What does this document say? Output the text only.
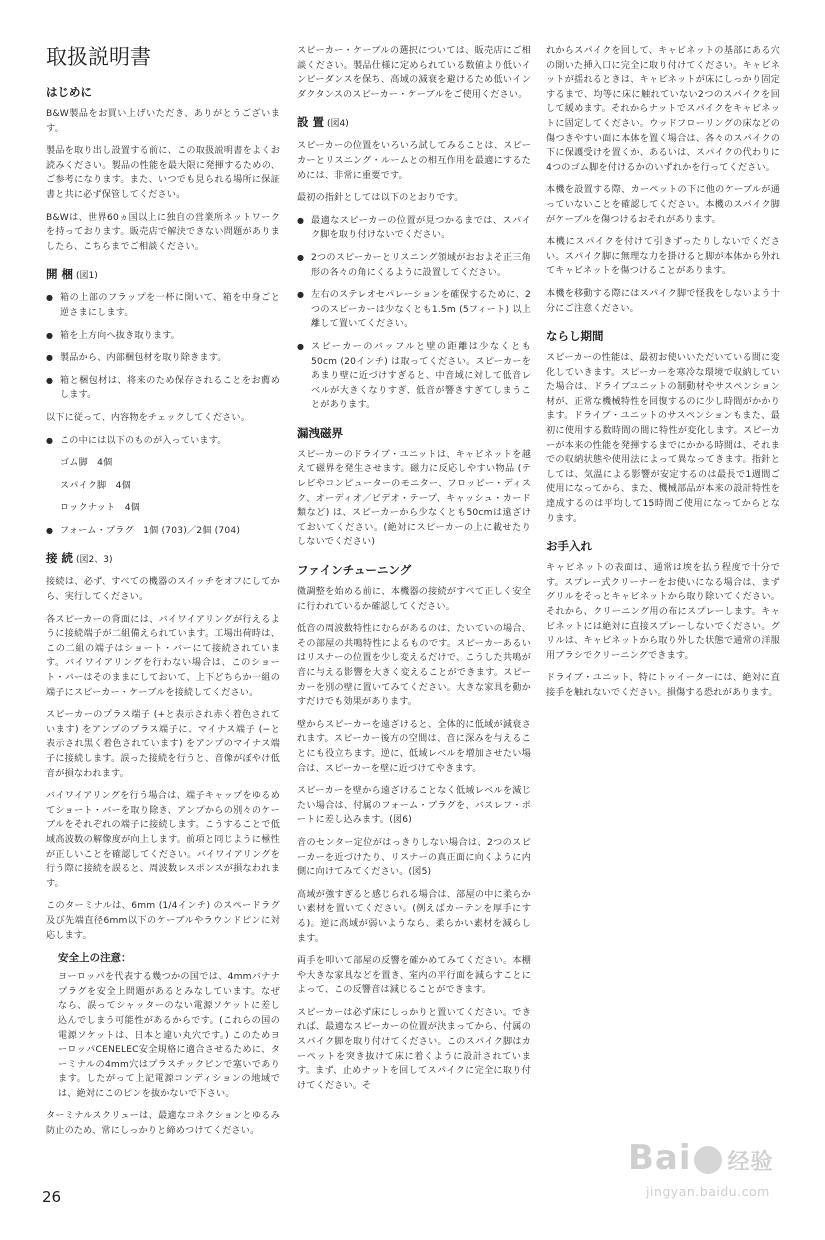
取扱説明書
はじめに

B&W製品をお買い上げいただき、ありがとうございます。

製品を取り出し設置する前に、この取扱説明書をよくお読みください。製品の性能を最大限に発揮するための、ご参考になります。また、いつでも見られる場所に保証書と共に必ず保管してください。

B&Wは、世界60ヵ国以上に独自の営業所ネットワークを持っております。販売店で解決できない問題がありましたら、こちらまでご相談ください。

開 梱 (図1)
● 箱の上部のフラップを一杯に開いて、箱を中身ごと逆さまにします。
● 箱を上方向へ抜き取ります。
● 製品から、内部梱包材を取り除きます。
● 箱と梱包材は、将来のため保存されることをお薦めします。

以下に従って、内容物をチェックしてください。

● この中には以下のものが入っています。
ゴム脚　4個
スパイク脚　4個
ロックナット　4個
● フォーム・プラグ　1個 (703)／2個 (704)
接 続 (図2、3)

接続は、必ず、すべての機器のスイッチをオフにしてから、実行してください。

各スピーカーの背面には、バイワイアリングが行えるように接続端子が二組備えられています。工場出荷時は、この二組の端子はショート・バーにて接続されています。バイワイアリングを行わない場合は、このショート・バーはそのままにしておいて、上下どちらか一組の端子にスピーカー・ケーブルを接続してください。

スピーカーのプラス端子 (+と表示され赤く着色されています) をアンプのプラス端子に、マイナス端子 (−と表示され黒く着色されています) をアンプのマイナス端子に接続します。誤った接続を行うと、音像がぼやけ低音が損なわれます。

バイワイアリングを行う場合は、端子キャップをゆるめてショート・バーを取り除き、アンプからの別々のケーブルをそれぞれの端子に接続します。こうすることで低域高波数の解像度が向上します。前項と同じように極性が正しいことを確認してください。バイワイアリングを行う際に接続を誤ると、周波数レスポンスが損なわれます。

このターミナルは、6mm (1/4インチ) のスペードラグ及び先端直径6mm以下のケーブルやラウンドピンに対応します。

安全上の注意：

ヨーロッパを代表する幾つかの国では、4mmバナナプラグを安全上問題があるとみなしています。なぜなら、誤ってシャッターのない電源ソケットに差し込んでしまう可能性があるからです。(これらの国の電源ソケットは、日本と違い丸穴です。) このためヨーロッパCENELEC安全規格に適合させるために、ターミナルの4mm穴はプラスチックピンで塞いであります。したがって上記電源コンディションの地域では、絶対にこのピンを抜かないで下さい。

ターミナルスクリューは、最適なコネクションとゆるみ防止のため、常にしっかりと締めつけてください。

スピーカー・ケーブルの選択については、販売店にご相談ください。製品仕様に定められている数値より低いインピーダンスを保ち、高域の減衰を避けるため低いインダクタンスのスピーカー・ケーブルをご使用ください。

設 置 (図4)

スピーカーの位置をいろいろ試してみることは、スピーカーとリスニング・ルームとの相互作用を最適にするためには、非常に重要です。

最初の指針としては以下のとおりです。

● 最適なスピーカーの位置が見つかるまでは、スパイク脚を取り付けないでください。
● 2つのスピーカーとリスニング領域がおおよそ正三角形の各々の角にくるように設置してください。
● 左右のステレオセパレーションを確保するために、2つのスピーカーは少なくとも1.5m (5フィート) 以上離して置いてください。
● スピーカーのバッフルと壁の距離は少なくとも50cm (20インチ) は取ってください。スピーカーをあまり壁に近づけすぎると、中音域に対して低音レベルが大きくなりすぎ、低音が響きすぎてしまうことがあります。
漏洩磁界

スピーカーのドライブ・ユニットは、キャビネットを越えて磁界を発生させます。磁力に反応しやすい物品 (テレビやコンピューターのモニター、フロッピー・ディスク、オーディオ／ビデオ・テープ、キャッシュ・カード類など) は、スピーカーから少なくとも50cmは遠ざけておいてください。(絶対にスピーカーの上に載せたりしないでください)

ファインチューニング

微調整を始める前に、本機器の接続がすべて正しく安全に行われているか確認してください。

低音の周波数特性にむらがあるのは、たいていの場合、その部屋の共鳴特性によるものです。スピーカーあるいはリスナーの位置を少し変えるだけで、こうした共鳴が音に与える影響を大きく変えることができます。スピーカーを別の壁に置いてみてください。大きな家具を動かすだけでも効果があります。

壁からスピーカーを遠ざけると、全体的に低域が減衰されます。スピーカー後方の空間は、音に深みを与えることにも役立ちます。逆に、低域レベルを増加させたい場合は、スピーカーを壁に近づけてやきます。

スピーカーを壁から遠ざけることなく低域レベルを減じたい場合は、付属のフォーム・プラグを、バスレフ・ポートに差し込みます。(図6)

音のセンター定位がはっきりしない場合は、2つのスピーカーを近づけたり、リスナーの真正面に向くように内側に向けてみてください。(図5)

高域が強すぎると感じられる場合は、部屋の中に柔らかい素材を置いてください。(例えばカーテンを厚手にする)。逆に高域が弱いようなら、柔らかい素材を減らします。

両手を叩いて部屋の反響を確かめてみてください。本棚や大きな家具などを置き、室内の平行面を減らすことによって、この反響音は減じることができます。

スピーカーは必ず床にしっかりと置いてください。できれば、最適なスピーカーの位置が決まってから、付属のスパイク脚を取り付けてください。このスパイク脚はカーペットを突き抜けて床に着くように設計されています。まず、止めナットを回してスパイクに完全に取り付けてください。そ

れからスパイクを回して、キャビネットの基部にある穴の開いた挿入口に完全に取り付けてください。キャビネットが揺れるときは、キャビネットが床にしっかり固定するまで、均等に床に触れていない2つのスパイクを回して緩めます。それからナットでスパイクをキャビネットに固定してください。ウッドフローリングの床などの傷つきやすい面に本体を置く場合は、各々のスパイクの下に保護受けを置くか、あるいは、スパイクの代わりに4つのゴム脚を付けるかのいずれかを行ってください。

本機を設置する際、カーペットの下に他のケーブルが通っていないことを確認してください。本機のスパイク脚がケーブルを傷つけるおそれがあります。

本機にスパイクを付けて引きずったりしないでください。スパイク脚に無理な力を掛けると脚が本体から外れてキャビネットを傷つけることがあります。

本機を移動する際にはスパイク脚で怪我をしないよう十分にご注意ください。

ならし期間

スピーカーの性能は、最初お使いいただいている間に変化していきます。スピーカーを寒冷な環境で収納していた場合は、ドライブユニットの制動材やサスペンション材が、正常な機械特性を回復するのに少し時間がかかります。ドライブ・ユニットのサスペンションもまた、最初に使用する数時間の間に特性が変化します。スピーカーが本来の性能を発揮するまでにかかる時間は、それまでの収納状態や使用法によって異なってきます。指針としては、気温による影響が安定するのは最長で1週間ご使用になってから、また、機械部品が本来の設計特性を達成するのは平均して15時間ご使用になってからとなります。

お手入れ

キャビネットの表面は、通常は埃を払う程度で十分です。スプレー式クリーナーをお使いになる場合は、まずグリルをそっとキャビネットから取り除いてください。それから、クリーニング用の布にスプレーします。キャビネットには絶対に直接スプレーしないでください。グリルは、キャビネットから取り外した状態で通常の洋服用ブラシでクリーニングできます。

ドライブ・ユニット、特にトゥイーターには、絶対に直接手を触れないでください。損傷する恐れがあります。

26
Bai 经验
jingyan.baidu.com
